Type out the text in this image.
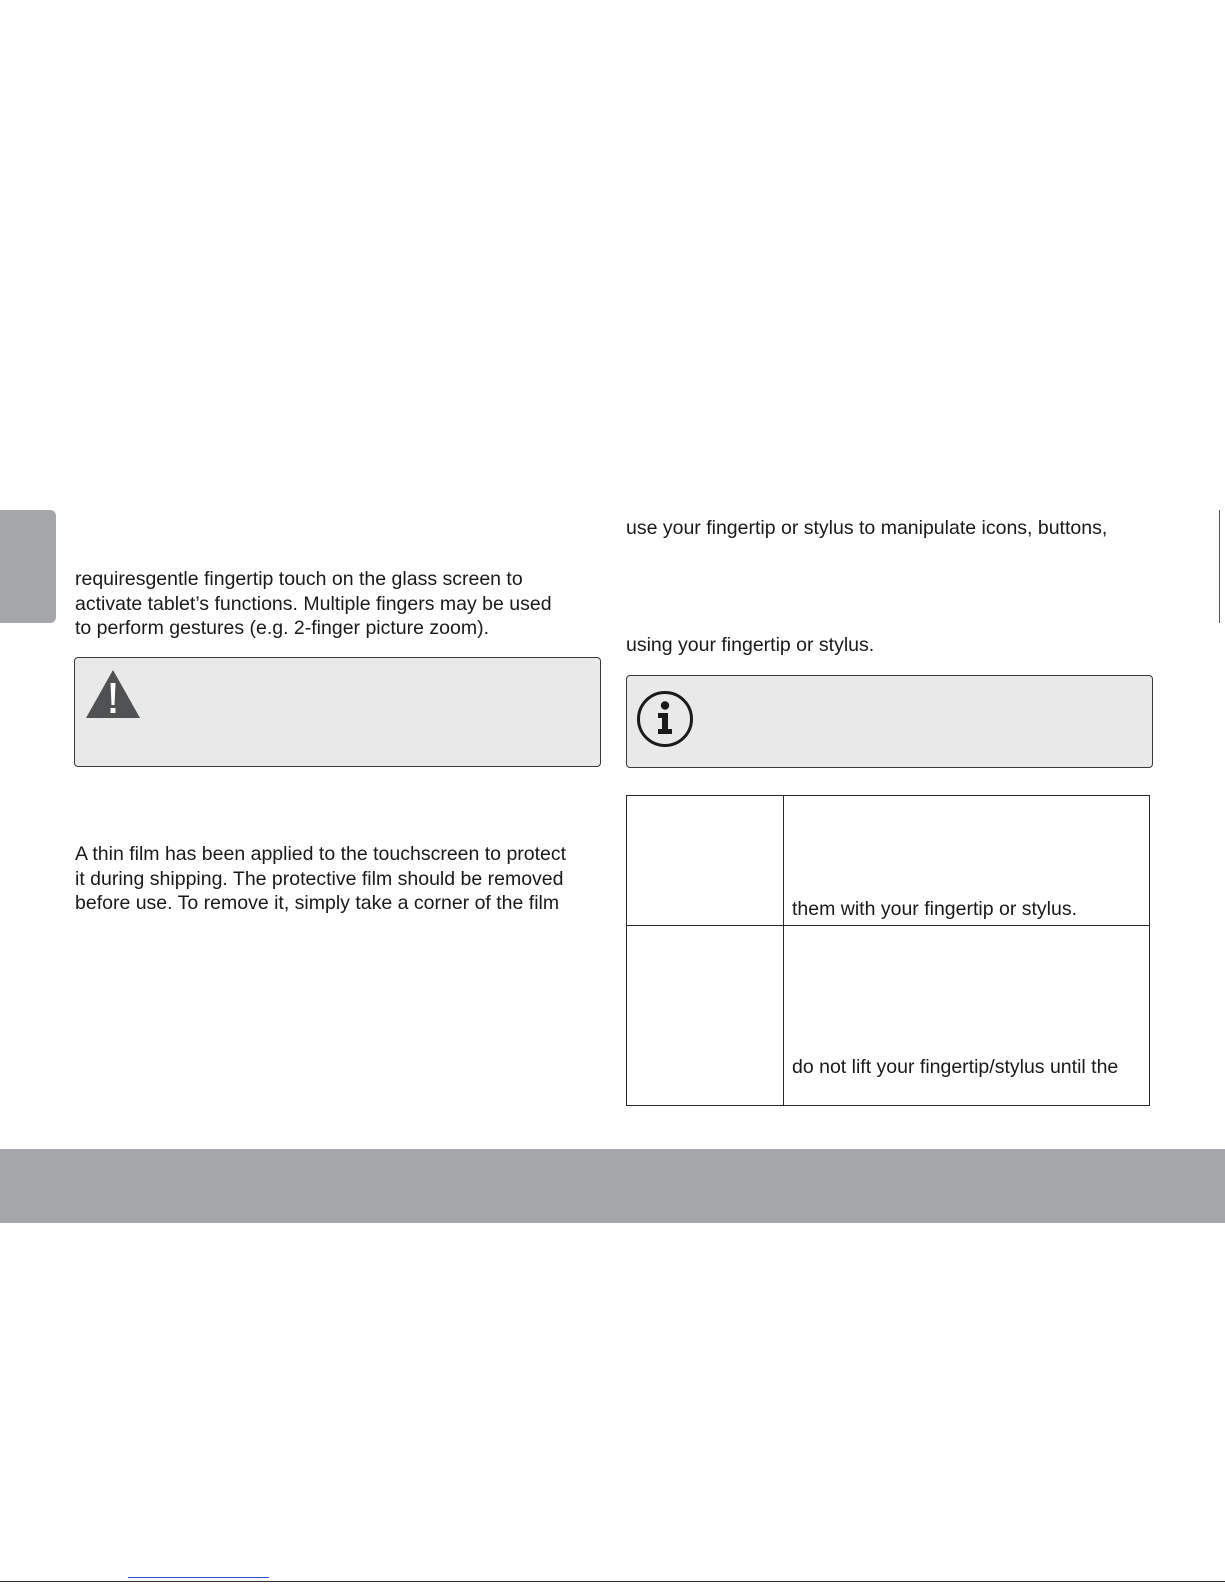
requiresgentle fingertip touch on the glass screen to
activate tablet’s functions. Multiple fingers may be used
to perform gestures (e.g. 2-finger picture zoom).

A thin film has been applied to the touchscreen to protect
it during shipping. The protective film should be removed
before use. To remove it, simply take a corner of the film

use your fingertip or stylus to manipulate icons, buttons,

using your fingertip or stylus.

	them with your fingertip or stylus.
	do not lift your fingertip/stylus until the
